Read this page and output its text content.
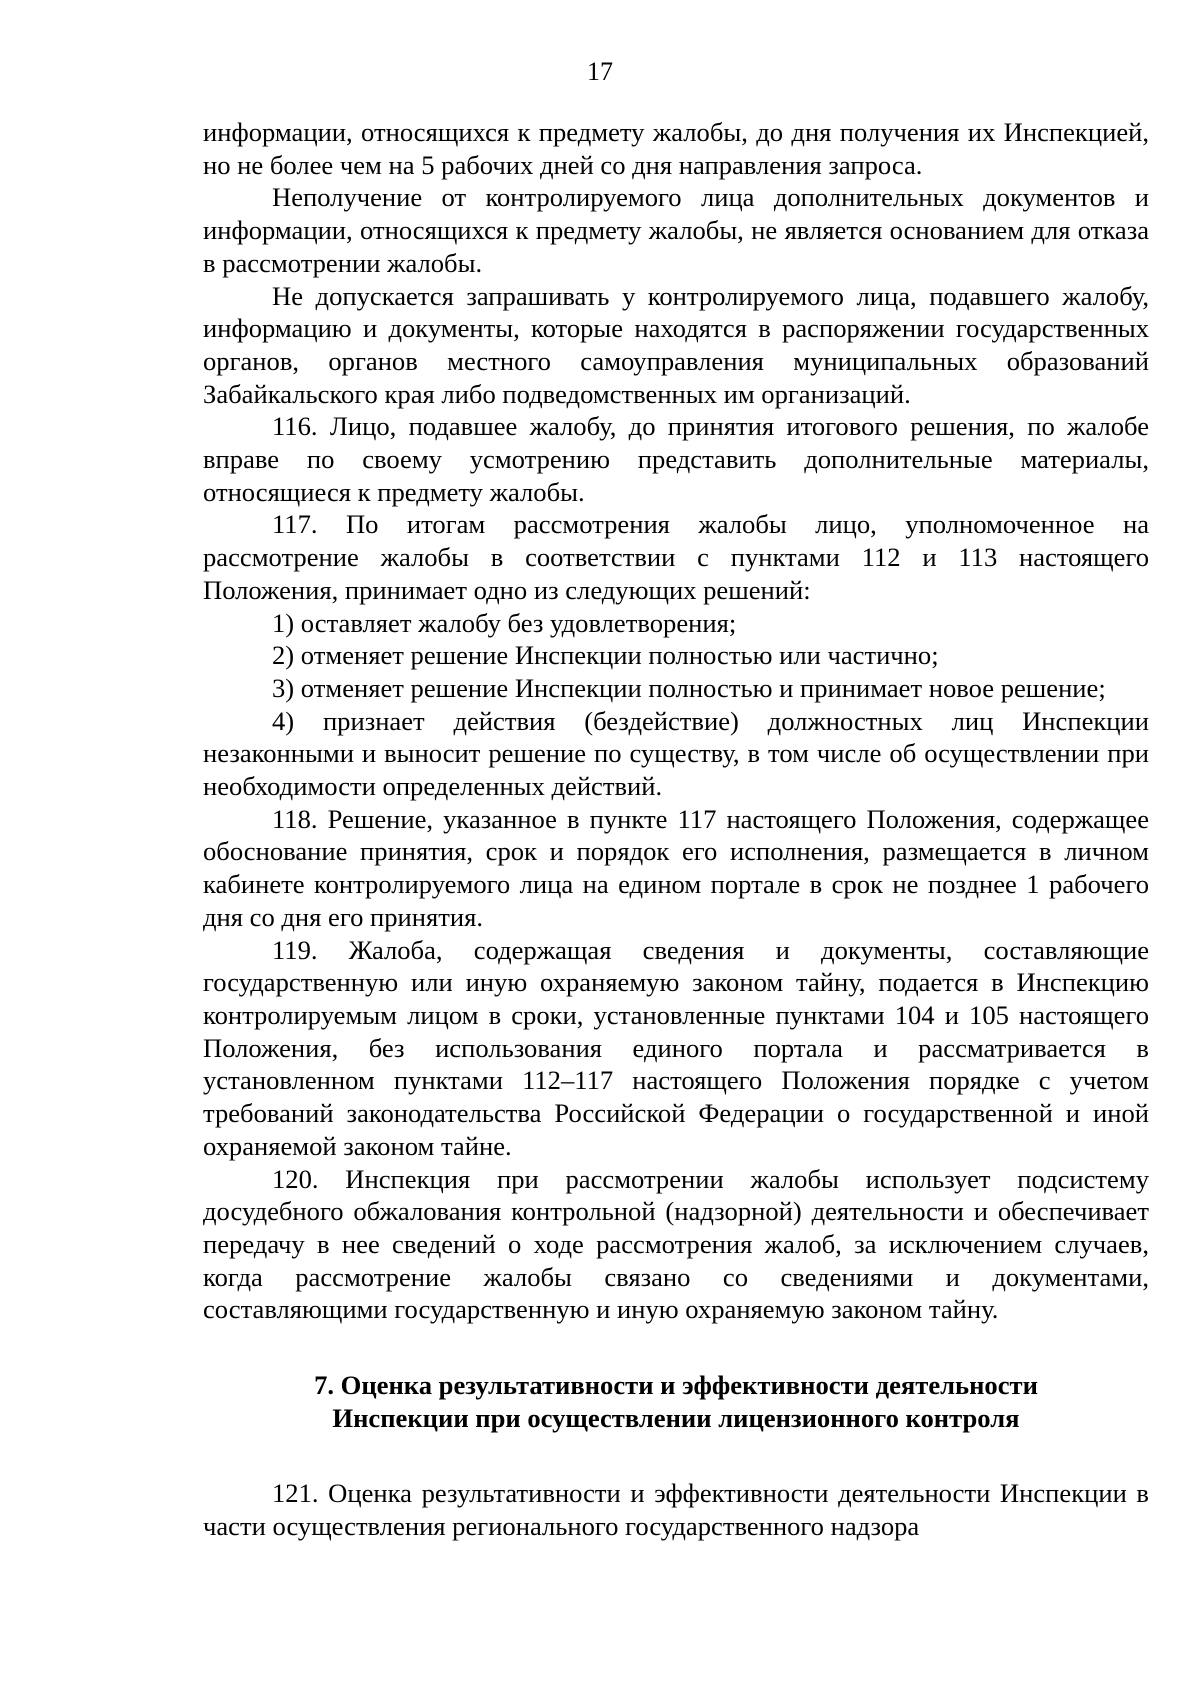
17

информации, относящихся к предмету жалобы, до дня получения их Инспекцией, но не более чем на 5 рабочих дней со дня направления запроса.

Неполучение от контролируемого лица дополнительных документов и информации, относящихся к предмету жалобы, не является основанием для отказа в рассмотрении жалобы.

Не допускается запрашивать у контролируемого лица, подавшего жалобу, информацию и документы, которые находятся в распоряжении государственных органов, органов местного самоуправления муниципальных образований Забайкальского края либо подведомственных им организаций.

116. Лицо, подавшее жалобу, до принятия итогового решения, по жалобе вправе по своему усмотрению представить дополнительные материалы, относящиеся к предмету жалобы.

117. По итогам рассмотрения жалобы лицо, уполномоченное на рассмотрение жалобы в соответствии с пунктами 112 и 113 настоящего Положения, принимает одно из следующих решений:

1) оставляет жалобу без удовлетворения;

2) отменяет решение Инспекции полностью или частично;

3) отменяет решение Инспекции полностью и принимает новое решение;

4) признает действия (бездействие) должностных лиц Инспекции незаконными и выносит решение по существу, в том числе об осуществлении при необходимости определенных действий.

118. Решение, указанное в пункте 117 настоящего Положения, содержащее обоснование принятия, срок и порядок его исполнения, размещается в личном кабинете контролируемого лица на едином портале в срок не позднее 1 рабочего дня со дня его принятия.

119. Жалоба, содержащая сведения и документы, составляющие государственную или иную охраняемую законом тайну, подается в Инспекцию контролируемым лицом в сроки, установленные пунктами 104 и 105 настоящего Положения, без использования единого портала и рассматривается в установленном пунктами 112–117 настоящего Положения порядке с учетом требований законодательства Российской Федерации о государственной и иной охраняемой законом тайне.

120. Инспекция при рассмотрении жалобы использует подсистему досудебного обжалования контрольной (надзорной) деятельности и обеспечивает передачу в нее сведений о ходе рассмотрения жалоб, за исключением случаев, когда рассмотрение жалобы связано со сведениями и документами, составляющими государственную и иную охраняемую законом тайну.

7. Оценка результативности и эффективности деятельности
Инспекции при осуществлении лицензионного контроля

121. Оценка результативности и эффективности деятельности Инспекции в части осуществления регионального государственного надзора
